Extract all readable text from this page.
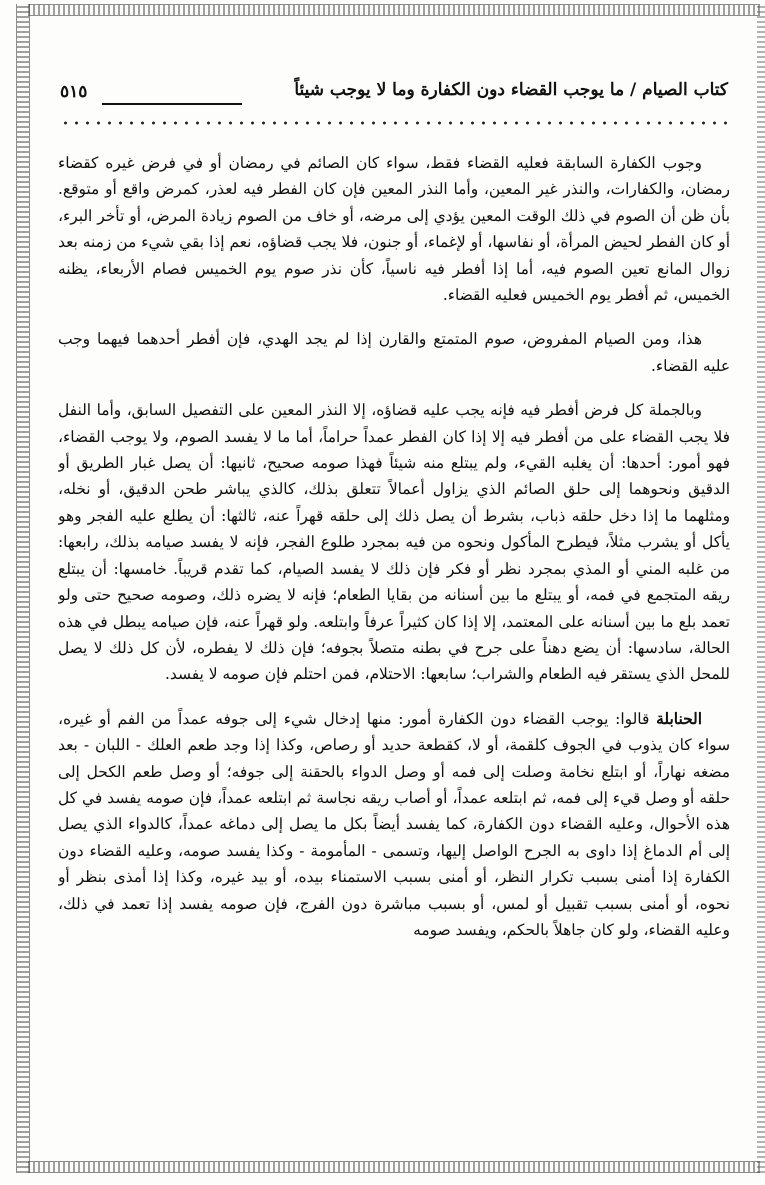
كتاب الصيام / ما يوجب القضاء دون الكفارة وما لا يوجب شيئاً
٥١٥

وجوب الكفارة السابقة فعليه القضاء فقط، سواء كان الصائم في رمضان أو في فرض غيره كقضاء رمضان، والكفارات، والنذر غير المعين، وأما النذر المعين فإن كان الفطر فيه لعذر، كمرض واقع أو متوقع. بأن ظن أن الصوم في ذلك الوقت المعين يؤدي إلى مرضه، أو خاف من الصوم زيادة المرض، أو تأخر البرء، أو كان الفطر لحيض المرأة، أو نفاسها، أو لإغماء، أو جنون، فلا يجب قضاؤه، نعم إذا بقي شيء من زمنه بعد زوال المانع تعين الصوم فيه، أما إذا أفطر فيه ناسياً، كأن نذر صوم يوم الخميس فصام الأربعاء، يظنه الخميس، ثم أفطر يوم الخميس فعليه القضاء.

هذا، ومن الصيام المفروض، صوم المتمتع والقارن إذا لم يجد الهدي، فإن أفطر أحدهما فيهما وجب عليه القضاء.

وبالجملة كل فرض أفطر فيه فإنه يجب عليه قضاؤه، إلا النذر المعين على التفصيل السابق، وأما النفل فلا يجب القضاء على من أفطر فيه إلا إذا كان الفطر عمداً حراماً، أما ما لا يفسد الصوم، ولا يوجب القضاء، فهو أمور: أحدها: أن يغلبه القيء، ولم يبتلع منه شيئاً فهذا صومه صحيح، ثانيها: أن يصل غبار الطريق أو الدقيق ونحوهما إلى حلق الصائم الذي يزاول أعمالاً تتعلق بذلك، كالذي يباشر طحن الدقيق، أو نخله، ومثلهما ما إذا دخل حلقه ذباب، بشرط أن يصل ذلك إلى حلقه قهراً عنه، ثالثها: أن يطلع عليه الفجر وهو يأكل أو يشرب مثلاً، فيطرح المأكول ونحوه من فيه بمجرد طلوع الفجر، فإنه لا يفسد صيامه بذلك، رابعها: من غلبه المني أو المذي بمجرد نظر أو فكر فإن ذلك لا يفسد الصيام، كما تقدم قريباً. خامسها: أن يبتلع ريقه المتجمع في فمه، أو يبتلع ما بين أسنانه من بقايا الطعام؛ فإنه لا يضره ذلك، وصومه صحيح حتى ولو تعمد بلع ما بين أسنانه على المعتمد، إلا إذا كان كثيراً عرفاً وابتلعه. ولو قهراً عنه، فإن صيامه يبطل في هذه الحالة، سادسها: أن يضع دهناً على جرح في بطنه متصلاً بجوفه؛ فإن ذلك لا يفطره، لأن كل ذلك لا يصل للمحل الذي يستقر فيه الطعام والشراب؛ سابعها: الاحتلام، فمن احتلم فإن صومه لا يفسد.

الحنابلة قالوا: يوجب القضاء دون الكفارة أمور: منها إدخال شيء إلى جوفه عمداً من الفم أو غيره، سواء كان يذوب في الجوف كلقمة، أو لا، كقطعة حديد أو رصاص، وكذا إذا وجد طعم العلك - اللبان - بعد مضغه نهاراً، أو ابتلع نخامة وصلت إلى فمه أو وصل الدواء بالحقنة إلى جوفه؛ أو وصل طعم الكحل إلى حلقه أو وصل قيء إلى فمه، ثم ابتلعه عمداً، أو أصاب ريقه نجاسة ثم ابتلعه عمداً، فإن صومه يفسد في كل هذه الأحوال، وعليه القضاء دون الكفارة، كما يفسد أيضاً بكل ما يصل إلى دماغه عمداً، كالدواء الذي يصل إلى أم الدماغ إذا داوى به الجرح الواصل إليها، وتسمى - المأمومة - وكذا يفسد صومه، وعليه القضاء دون الكفارة إذا أمنى بسبب تكرار النظر، أو أمنى بسبب الاستمناء بيده، أو بيد غيره، وكذا إذا أمذى بنظر أو نحوه، أو أمنى بسبب تقبيل أو لمس، أو بسبب مباشرة دون الفرج، فإن صومه يفسد إذا تعمد في ذلك، وعليه القضاء، ولو كان جاهلاً بالحكم، ويفسد صومه
